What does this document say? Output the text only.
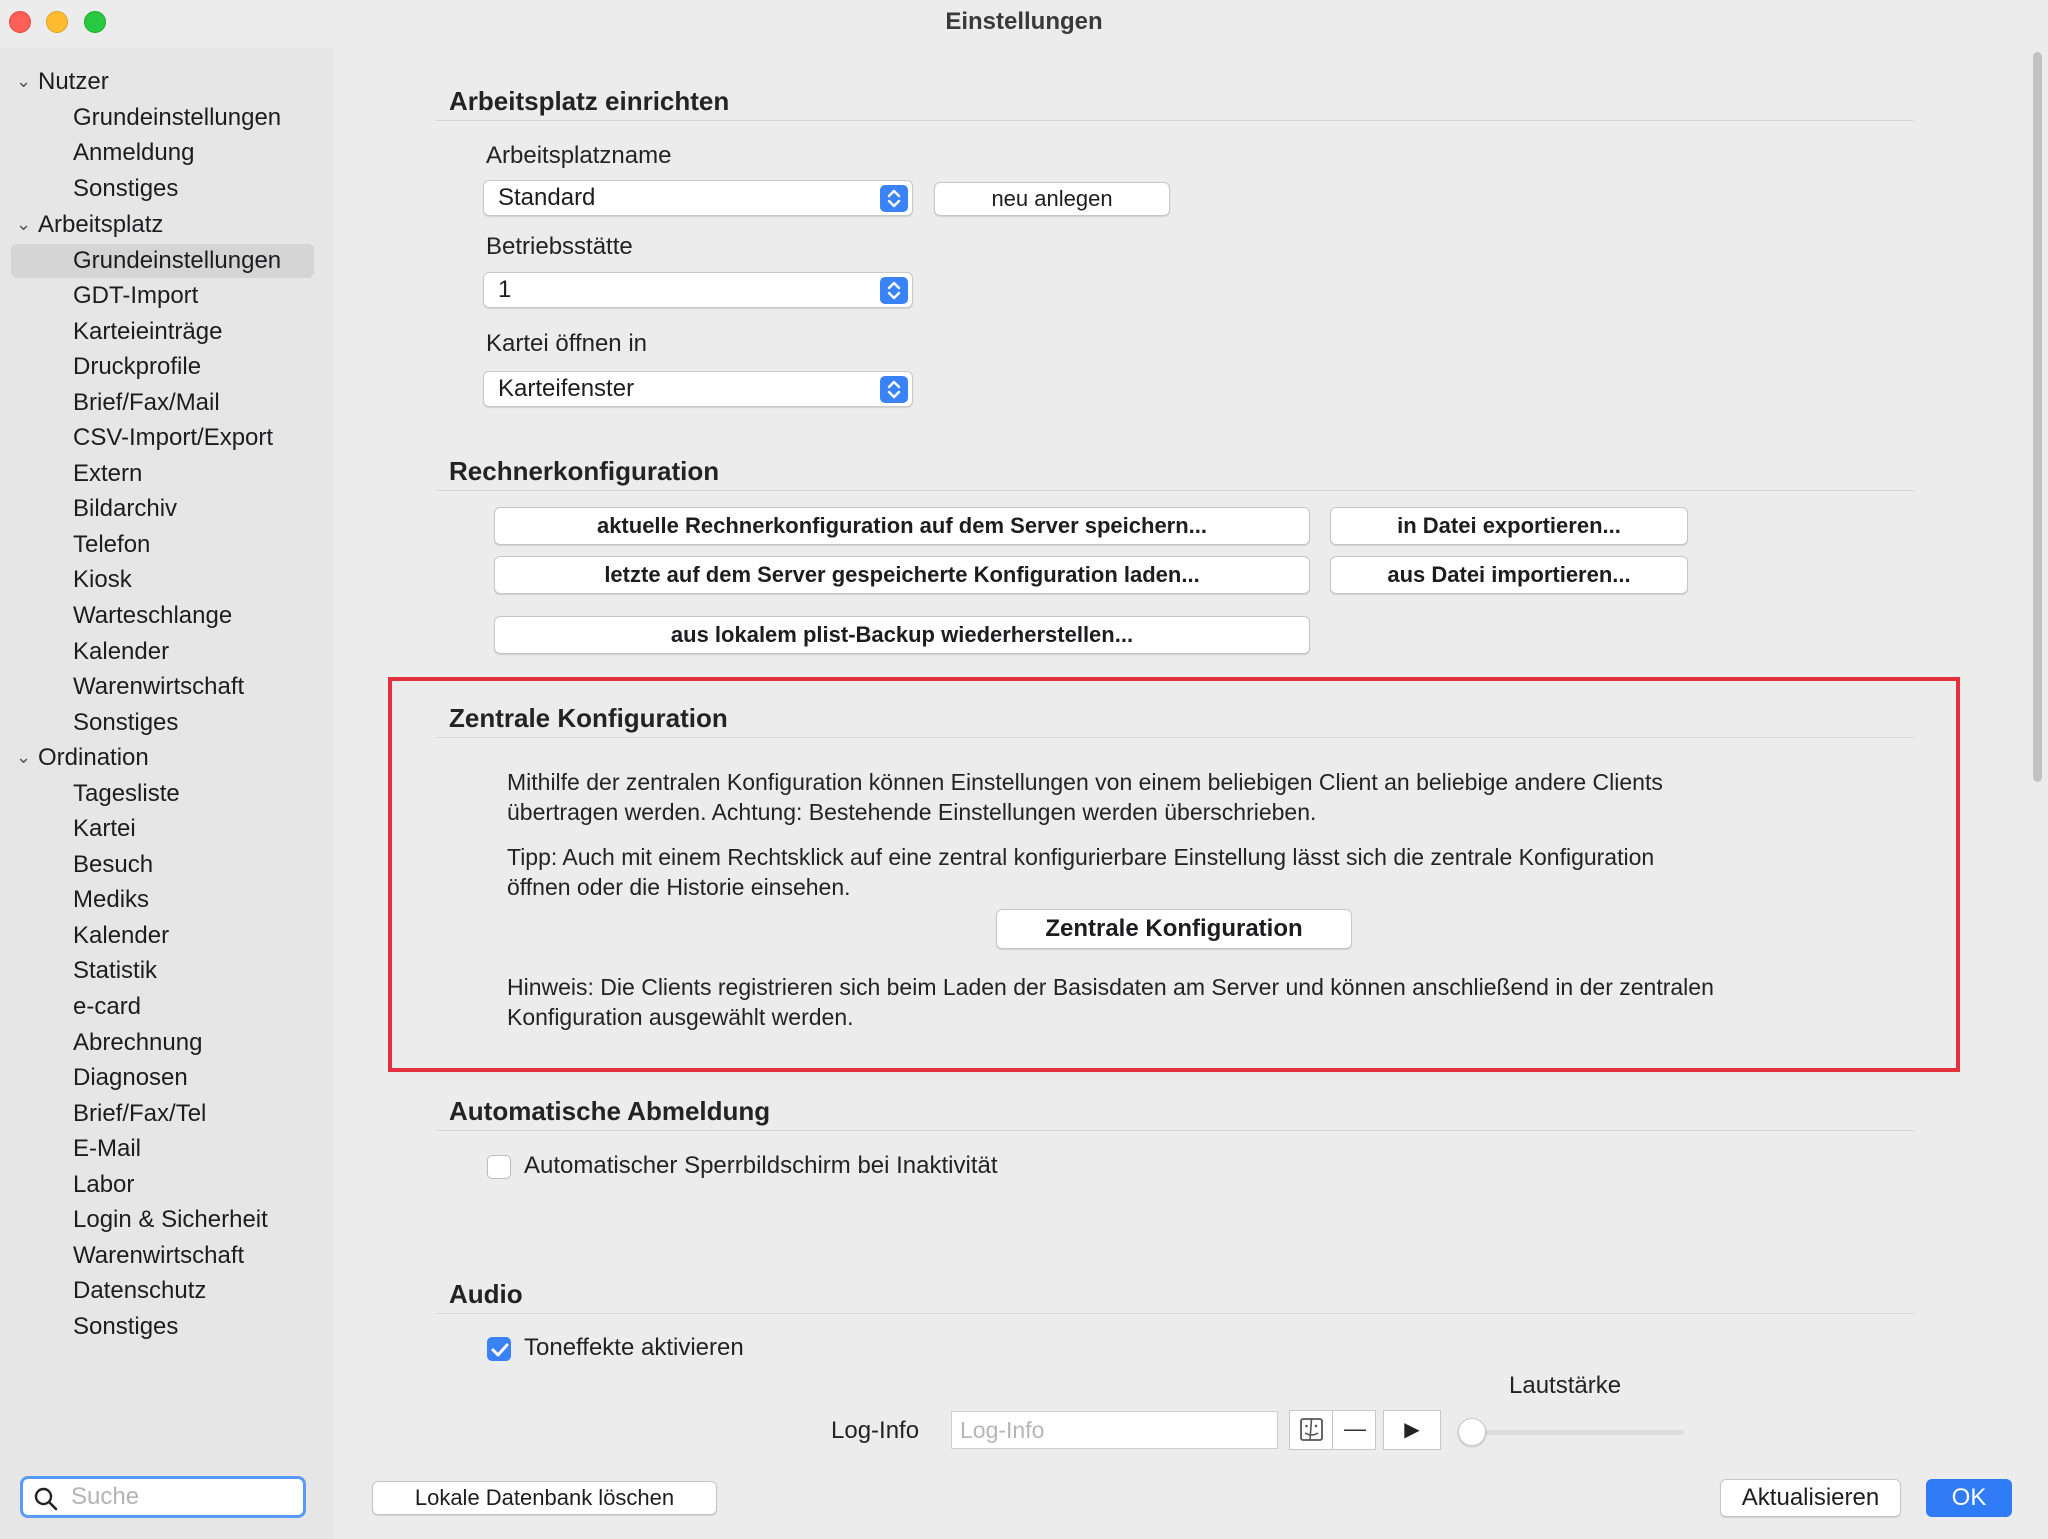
Einstellungen
⌄ Nutzer
Grundeinstellungen
Anmeldung
Sonstiges
⌄ Arbeitsplatz
Grundeinstellungen
GDT-Import
Karteieinträge
Druckprofile
Brief/Fax/Mail
CSV-Import/Export
Extern
Bildarchiv
Telefon
Kiosk
Warteschlange
Kalender
Warenwirtschaft
Sonstiges
⌄ Ordination
Tagesliste
Kartei
Besuch
Mediks
Kalender
Statistik
e-card
Abrechnung
Diagnosen
Brief/Fax/Tel
E-Mail
Labor
Login & Sicherheit
Warenwirtschaft
Datenschutz
Sonstiges
Suche
Arbeitsplatz einrichten
Arbeitsplatzname
Standard	neu anlegen
Betriebsstätte
1
Kartei öffnen in
Karteifenster
Rechnerkonfiguration
aktuelle Rechnerkonfiguration auf dem Server speichern...	in Datei exportieren...
letzte auf dem Server gespeicherte Konfiguration laden...	aus Datei importieren...
aus lokalem plist-Backup wiederherstellen...
Zentrale Konfiguration
Mithilfe der zentralen Konfiguration können Einstellungen von einem beliebigen Client an beliebige andere Clients
übertragen werden. Achtung: Bestehende Einstellungen werden überschrieben.
Tipp: Auch mit einem Rechtsklick auf eine zentral konfigurierbare Einstellung lässt sich die zentrale Konfiguration
öffnen oder die Historie einsehen.
Zentrale Konfiguration
Hinweis: Die Clients registrieren sich beim Laden der Basisdaten am Server und können anschließend in der zentralen
Konfiguration ausgewählt werden.
Automatische Abmeldung
Automatischer Sperrbildschirm bei Inaktivität
Audio
Toneffekte aktivieren
Lautstärke
Log-Info
Log-Info	—	▶
Lokale Datenbank löschen	Aktualisieren	OK
